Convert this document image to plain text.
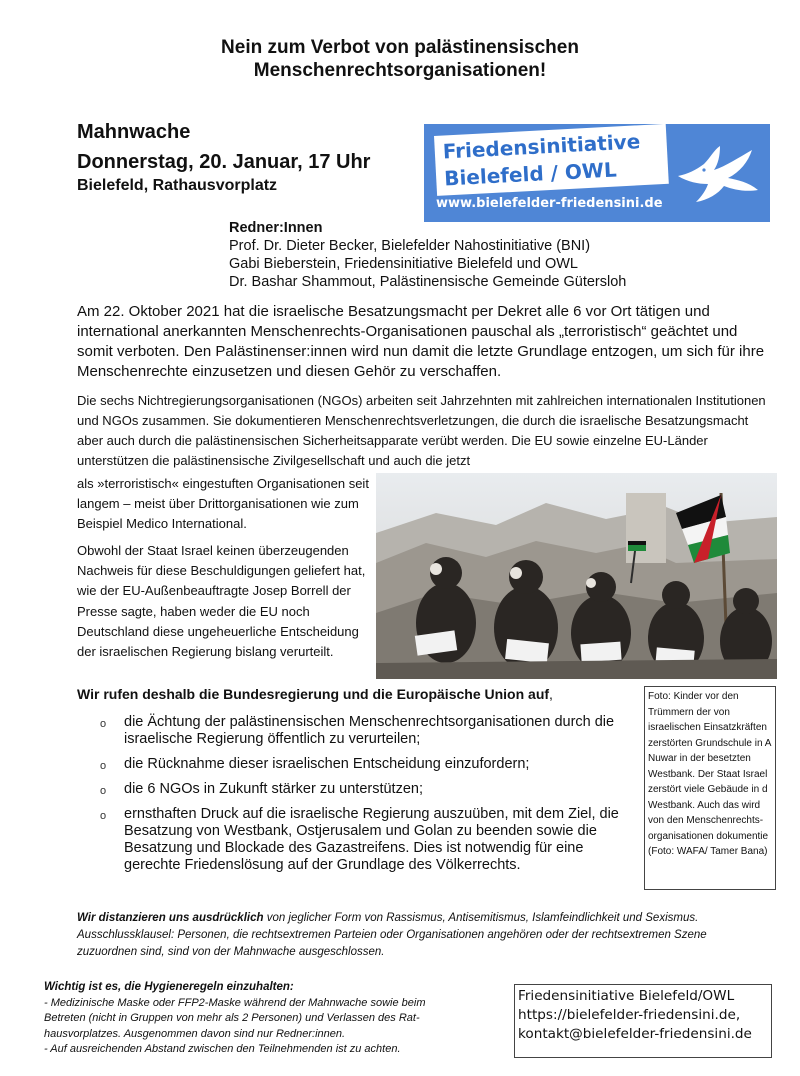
Nein zum Verbot von palästinensischen
Menschenrechtsorganisationen!
Mahnwache
Donnerstag, 20. Januar, 17 Uhr
Bielefeld, Rathausvorplatz
Friedensinitiative
Bielefeld / OWL
www.bielefelder-friedensini.de
Redner:Innen
Prof. Dr. Dieter Becker, Bielefelder Nahostinitiative (BNI)
Gabi Bieberstein, Friedensinitiative Bielefeld und OWL
Dr. Bashar Shammout, Palästinensische Gemeinde Gütersloh
Am 22. Oktober 2021 hat die israelische Besatzungsmacht per Dekret alle 6 vor Ort tätigen und international anerkannten Menschenrechts-Organisationen pauschal als „terroristisch“ geächtet und somit verboten. Den Palästinenser:innen wird nun damit die letzte Grundlage entzogen, um sich für ihre Menschenrechte einzusetzen und diesen Gehör zu verschaffen.
Die sechs Nichtregierungsorganisationen (NGOs) arbeiten seit Jahrzehnten mit zahlreichen internationalen Institutionen und NGOs zusammen. Sie dokumentieren Menschenrechtsverletzungen, die durch die israelische Besatzungsmacht aber auch durch die palästinensischen Sicherheitsapparate verübt werden. Die EU sowie einzelne EU-Länder unterstützen die palästinensische Zivilgesellschaft und auch die jetzt
als »terroristisch« eingestuften Organisationen seit langem – meist über Drittorganisationen wie zum Beispiel Medico International.
Obwohl der Staat Israel keinen überzeugenden Nachweis für diese Beschuldigungen geliefert hat, wie der EU-Außenbeauftragte Josep Borrell der Presse sagte, haben weder die EU noch Deutschland diese ungeheuerliche Entscheidung der israelischen Regierung bislang verurteilt.
Wir rufen deshalb die Bundesregierung und die Europäische Union auf,
o die Ächtung der palästinensischen Menschenrechtsorganisationen durch die israelische Regierung öffentlich zu verurteilen;
o die Rücknahme dieser israelischen Entscheidung einzufordern;
o die 6 NGOs in Zukunft stärker zu unterstützen;
o ernsthaften Druck auf die israelische Regierung auszuüben, mit dem Ziel, die Besatzung von Westbank, Ostjerusalem und Golan zu beenden sowie die Besatzung und Blockade des Gazastreifens. Dies ist notwendig für eine gerechte Friedenslösung auf der Grundlage des Völkerrechts.
Foto: Kinder vor den
Trümmern der von
israelischen Einsatzkräften
zerstörten Grundschule in A
Nuwar in der besetzten
Westbank. Der Staat Israel
zerstört viele Gebäude in d
Westbank. Auch das wird
von den Menschenrechts-
organisationen dokumentie
(Foto: WAFA/ Tamer Bana)
Wir distanzieren uns ausdrücklich von jeglicher Form von Rassismus, Antisemitismus, Islamfeindlichkeit und Sexismus. Ausschlussklausel: Personen, die rechtsextremen Parteien oder Organisationen angehören oder der rechtsextremen Szene zuzuordnen sind, sind von der Mahnwache ausgeschlossen.
Wichtig ist es, die Hygieneregeln einzuhalten:
- Medizinische Maske oder FFP2-Maske während der Mahnwache sowie beim
Betreten (nicht in Gruppen von mehr als 2 Personen) und Verlassen des Rat-
hausvorplatzes. Ausgenommen davon sind nur Redner:innen.
- Auf ausreichenden Abstand zwischen den Teilnehmenden ist zu achten.
Friedensinitiative Bielefeld/OWL
https://bielefelder-friedensini.de,
kontakt@bielefelder-friedensini.de
